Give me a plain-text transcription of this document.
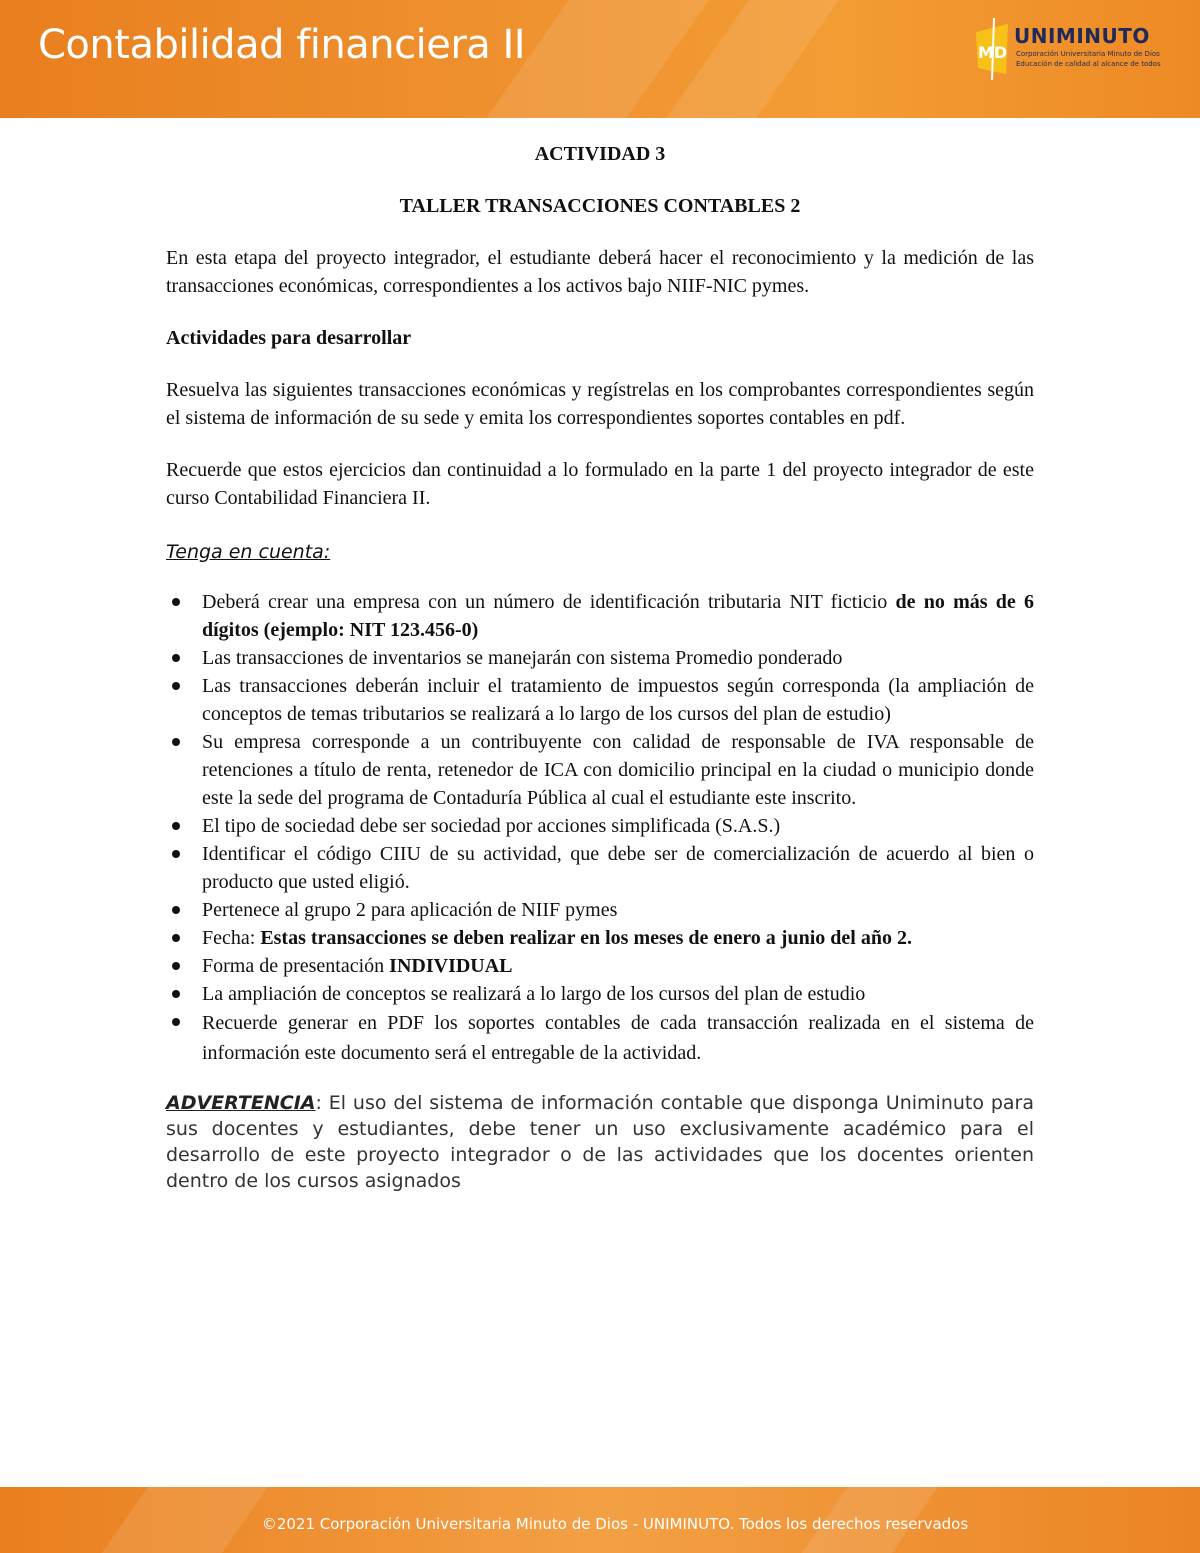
Contabilidad financiera II	MD
UNIMINUTO
Corporación Universitaria Minuto de Dios
Educación de calidad al alcance de todos

ACTIVIDAD 3

TALLER TRANSACCIONES CONTABLES 2

En esta etapa del proyecto integrador, el estudiante deberá hacer el reconocimiento y la medición de las transacciones económicas, correspondientes a los activos bajo NIIF-NIC pymes.

Actividades para desarrollar

Resuelva las siguientes transacciones económicas y regístrelas en los comprobantes correspondientes según el sistema de información de su sede y emita los correspondientes soportes contables en pdf.

Recuerde que estos ejercicios dan continuidad a lo formulado en la parte 1 del proyecto integrador de este curso Contabilidad Financiera II.

Tenga en cuenta:

Deberá crear una empresa con un número de identificación tributaria NIT ficticio de no más de 6 dígitos (ejemplo: NIT 123.456-0)
Las transacciones de inventarios se manejarán con sistema Promedio ponderado
Las transacciones deberán incluir el tratamiento de impuestos según corresponda (la ampliación de conceptos de temas tributarios se realizará a lo largo de los cursos del plan de estudio)
Su empresa corresponde a un contribuyente con calidad de responsable de IVA responsable de retenciones a título de renta, retenedor de ICA con domicilio principal en la ciudad o municipio donde este la sede del programa de Contaduría Pública al cual el estudiante este inscrito.
El tipo de sociedad debe ser sociedad por acciones simplificada (S.A.S.)
Identificar el código CIIU de su actividad, que debe ser de comercialización de acuerdo al bien o producto que usted eligió.
Pertenece al grupo 2 para aplicación de NIIF pymes
Fecha: Estas transacciones se deben realizar en los meses de enero a junio del año 2.
Forma de presentación INDIVIDUAL
La ampliación de conceptos se realizará a lo largo de los cursos del plan de estudio
Recuerde generar en PDF los soportes contables de cada transacción realizada en el sistema de información este documento será el entregable de la actividad.

ADVERTENCIA: El uso del sistema de información contable que disponga Uniminuto para sus docentes y estudiantes, debe tener un uso exclusivamente académico para el desarrollo de este proyecto integrador o de las actividades que los docentes orienten dentro de los cursos asignados

©2021 Corporación Universitaria Minuto de Dios - UNIMINUTO. Todos los derechos reservados
